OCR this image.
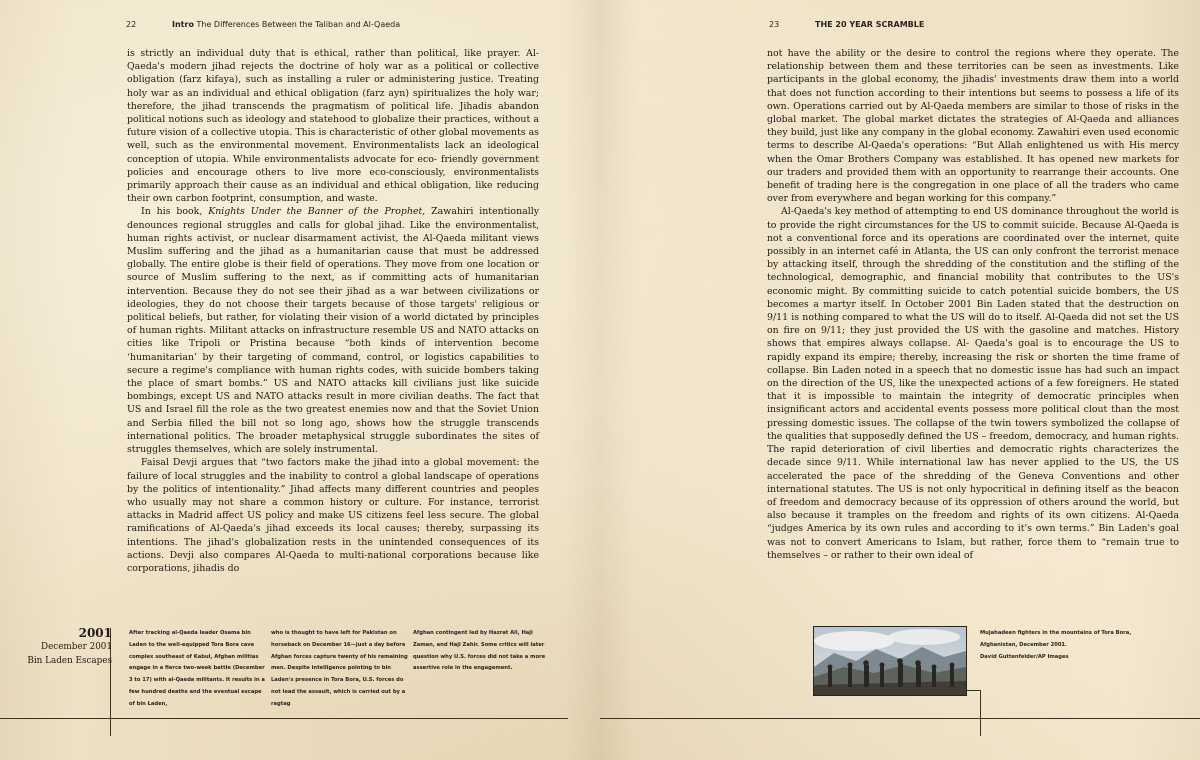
22	Intro The Differences Between the Taliban and Al-Qaeda	23	THE 20 YEAR SCRAMBLE

is strictly an individual duty that is ethical, rather than political, like prayer. Al-Qaeda's modern jihad rejects the doctrine of holy war as a political or collective obligation (farz kifaya), such as installing a ruler or administering justice. Treating holy war as an individual and ethical obligation (farz ayn) spiritualizes the holy war; therefore, the jihad transcends the pragmatism of political life. Jihadis abandon political notions such as ideology and statehood to globalize their practices, without a future vision of a collective utopia. This is characteristic of other global movements as well, such as the environmental movement. Environmentalists lack an ideological conception of utopia. While environmentalists advocate for eco- friendly government policies and encourage others to live more eco-consciously, environmentalists primarily approach their cause as an individual and ethical obligation, like reducing their own carbon footprint, consumption, and waste.

In his book, Knights Under the Banner of the Prophet, Zawahiri intentionally denounces regional struggles and calls for global jihad. Like the environmentalist, human rights activist, or nuclear disarmament activist, the Al-Qaeda militant views Muslim suffering and the jihad as a humanitarian cause that must be addressed globally. The entire globe is their field of operations. They move from one location or source of Muslim suffering to the next, as if committing acts of humanitarian intervention. Because they do not see their jihad as a war between civilizations or ideologies, they do not choose their targets because of those targets' religious or political beliefs, but rather, for violating their vision of a world dictated by principles of human rights. Militant attacks on infrastructure resemble US and NATO attacks on cities like Tripoli or Pristina because “both kinds of intervention become ‘humanitarian’ by their targeting of command, control, or logistics capabilities to secure a regime's compliance with human rights codes, with suicide bombers taking the place of smart bombs.” US and NATO attacks kill civilians just like suicide bombings, except US and NATO attacks result in more civilian deaths. The fact that US and Israel fill the role as the two greatest enemies now and that the Soviet Union and Serbia filled the bill not so long ago, shows how the struggle transcends international politics. The broader metaphysical struggle subordinates the sites of struggles themselves, which are solely instrumental.

Faisal Devji argues that “two factors make the jihad into a global movement: the failure of local struggles and the inability to control a global landscape of operations by the politics of intentionality.” Jihad affects many different countries and peoples who usually may not share a common history or culture. For instance, terrorist attacks in Madrid affect US policy and make US citizens feel less secure. The global ramifications of Al-Qaeda's jihad exceeds its local causes; thereby, surpassing its intentions. The jihad's globalization rests in the unintended consequences of its actions. Devji also compares Al-Qaeda to multi-national corporations because like corporations, jihadis do

not have the ability or the desire to control the regions where they operate. The relationship between them and these territories can be seen as investments. Like participants in the global economy, the jihadis' investments draw them into a world that does not function according to their intentions but seems to possess a life of its own. Operations carried out by Al-Qaeda members are similar to those of risks in the global market. The global market dictates the strategies of Al-Qaeda and alliances they build, just like any company in the global economy. Zawahiri even used economic terms to describe Al-Qaeda's operations: “But Allah enlightened us with His mercy when the Omar Brothers Company was established. It has opened new markets for our traders and provided them with an opportunity to rearrange their accounts. One benefit of trading here is the congregation in one place of all the traders who came over from everywhere and began working for this company.”

Al-Qaeda's key method of attempting to end US dominance throughout the world is to provide the right circumstances for the US to commit suicide. Because Al-Qaeda is not a conventional force and its operations are coordinated over the internet, quite possibly in an internet café in Atlanta, the US can only confront the terrorist menace by attacking itself, through the shredding of the constitution and the stifling of the technological, demographic, and financial mobility that contributes to the US's economic might. By committing suicide to catch potential suicide bombers, the US becomes a martyr itself. In October 2001 Bin Laden stated that the destruction on 9/11 is nothing compared to what the US will do to itself. Al-Qaeda did not set the US on fire on 9/11; they just provided the US with the gasoline and matches. History shows that empires always collapse. Al- Qaeda's goal is to encourage the US to rapidly expand its empire; thereby, increasing the risk or shorten the time frame of collapse. Bin Laden noted in a speech that no domestic issue has had such an impact on the direction of the US, like the unexpected actions of a few foreigners. He stated that it is impossible to maintain the integrity of democratic principles when insignificant actors and accidental events possess more political clout than the most pressing domestic issues. The collapse of the twin towers symbolized the collapse of the qualities that supposedly defined the US – freedom, democracy, and human rights. The rapid deterioration of civil liberties and democratic rights characterizes the decade since 9/11. While international law has never applied to the US, the US accelerated the pace of the shredding of the Geneva Conventions and other international statutes. The US is not only hypocritical in defining itself as the beacon of freedom and democracy because of its oppression of others around the world, but also because it tramples on the freedom and rights of its own citizens. Al-Qaeda “judges America by its own rules and according to it's own terms.” Bin Laden's goal was not to convert Americans to Islam, but rather, force them to “remain true to themselves – or rather to their own ideal of

2001
December 2001
Bin Laden Escapes
After tracking al-Qaeda leader Osama bin Laden to the well-equipped Tora Bora cave complex southeast of Kabul, Afghan militias engage in a fierce two-week battle (December 3 to 17) with al-Qaeda militants. It results in a few hundred deaths and the eventual escape of bin Laden,
who is thought to have left for Pakistan on horseback on December 16—just a day before Afghan forces capture twenty of his remaining men. Despite intelligence pointing to bin Laden's presence in Tora Bora, U.S. forces do not lead the assault, which is carried out by a ragtag
Afghan contingent led by Hazrat Ali, Haji Zaman, and Haji Zahir. Some critics will later question why U.S. forces did not take a more assertive role in the engagement.
Mujahadeen fighters in the mountains of Tora Bora, Afghanistan, December 2001.
David Guttenfelder/AP Images
